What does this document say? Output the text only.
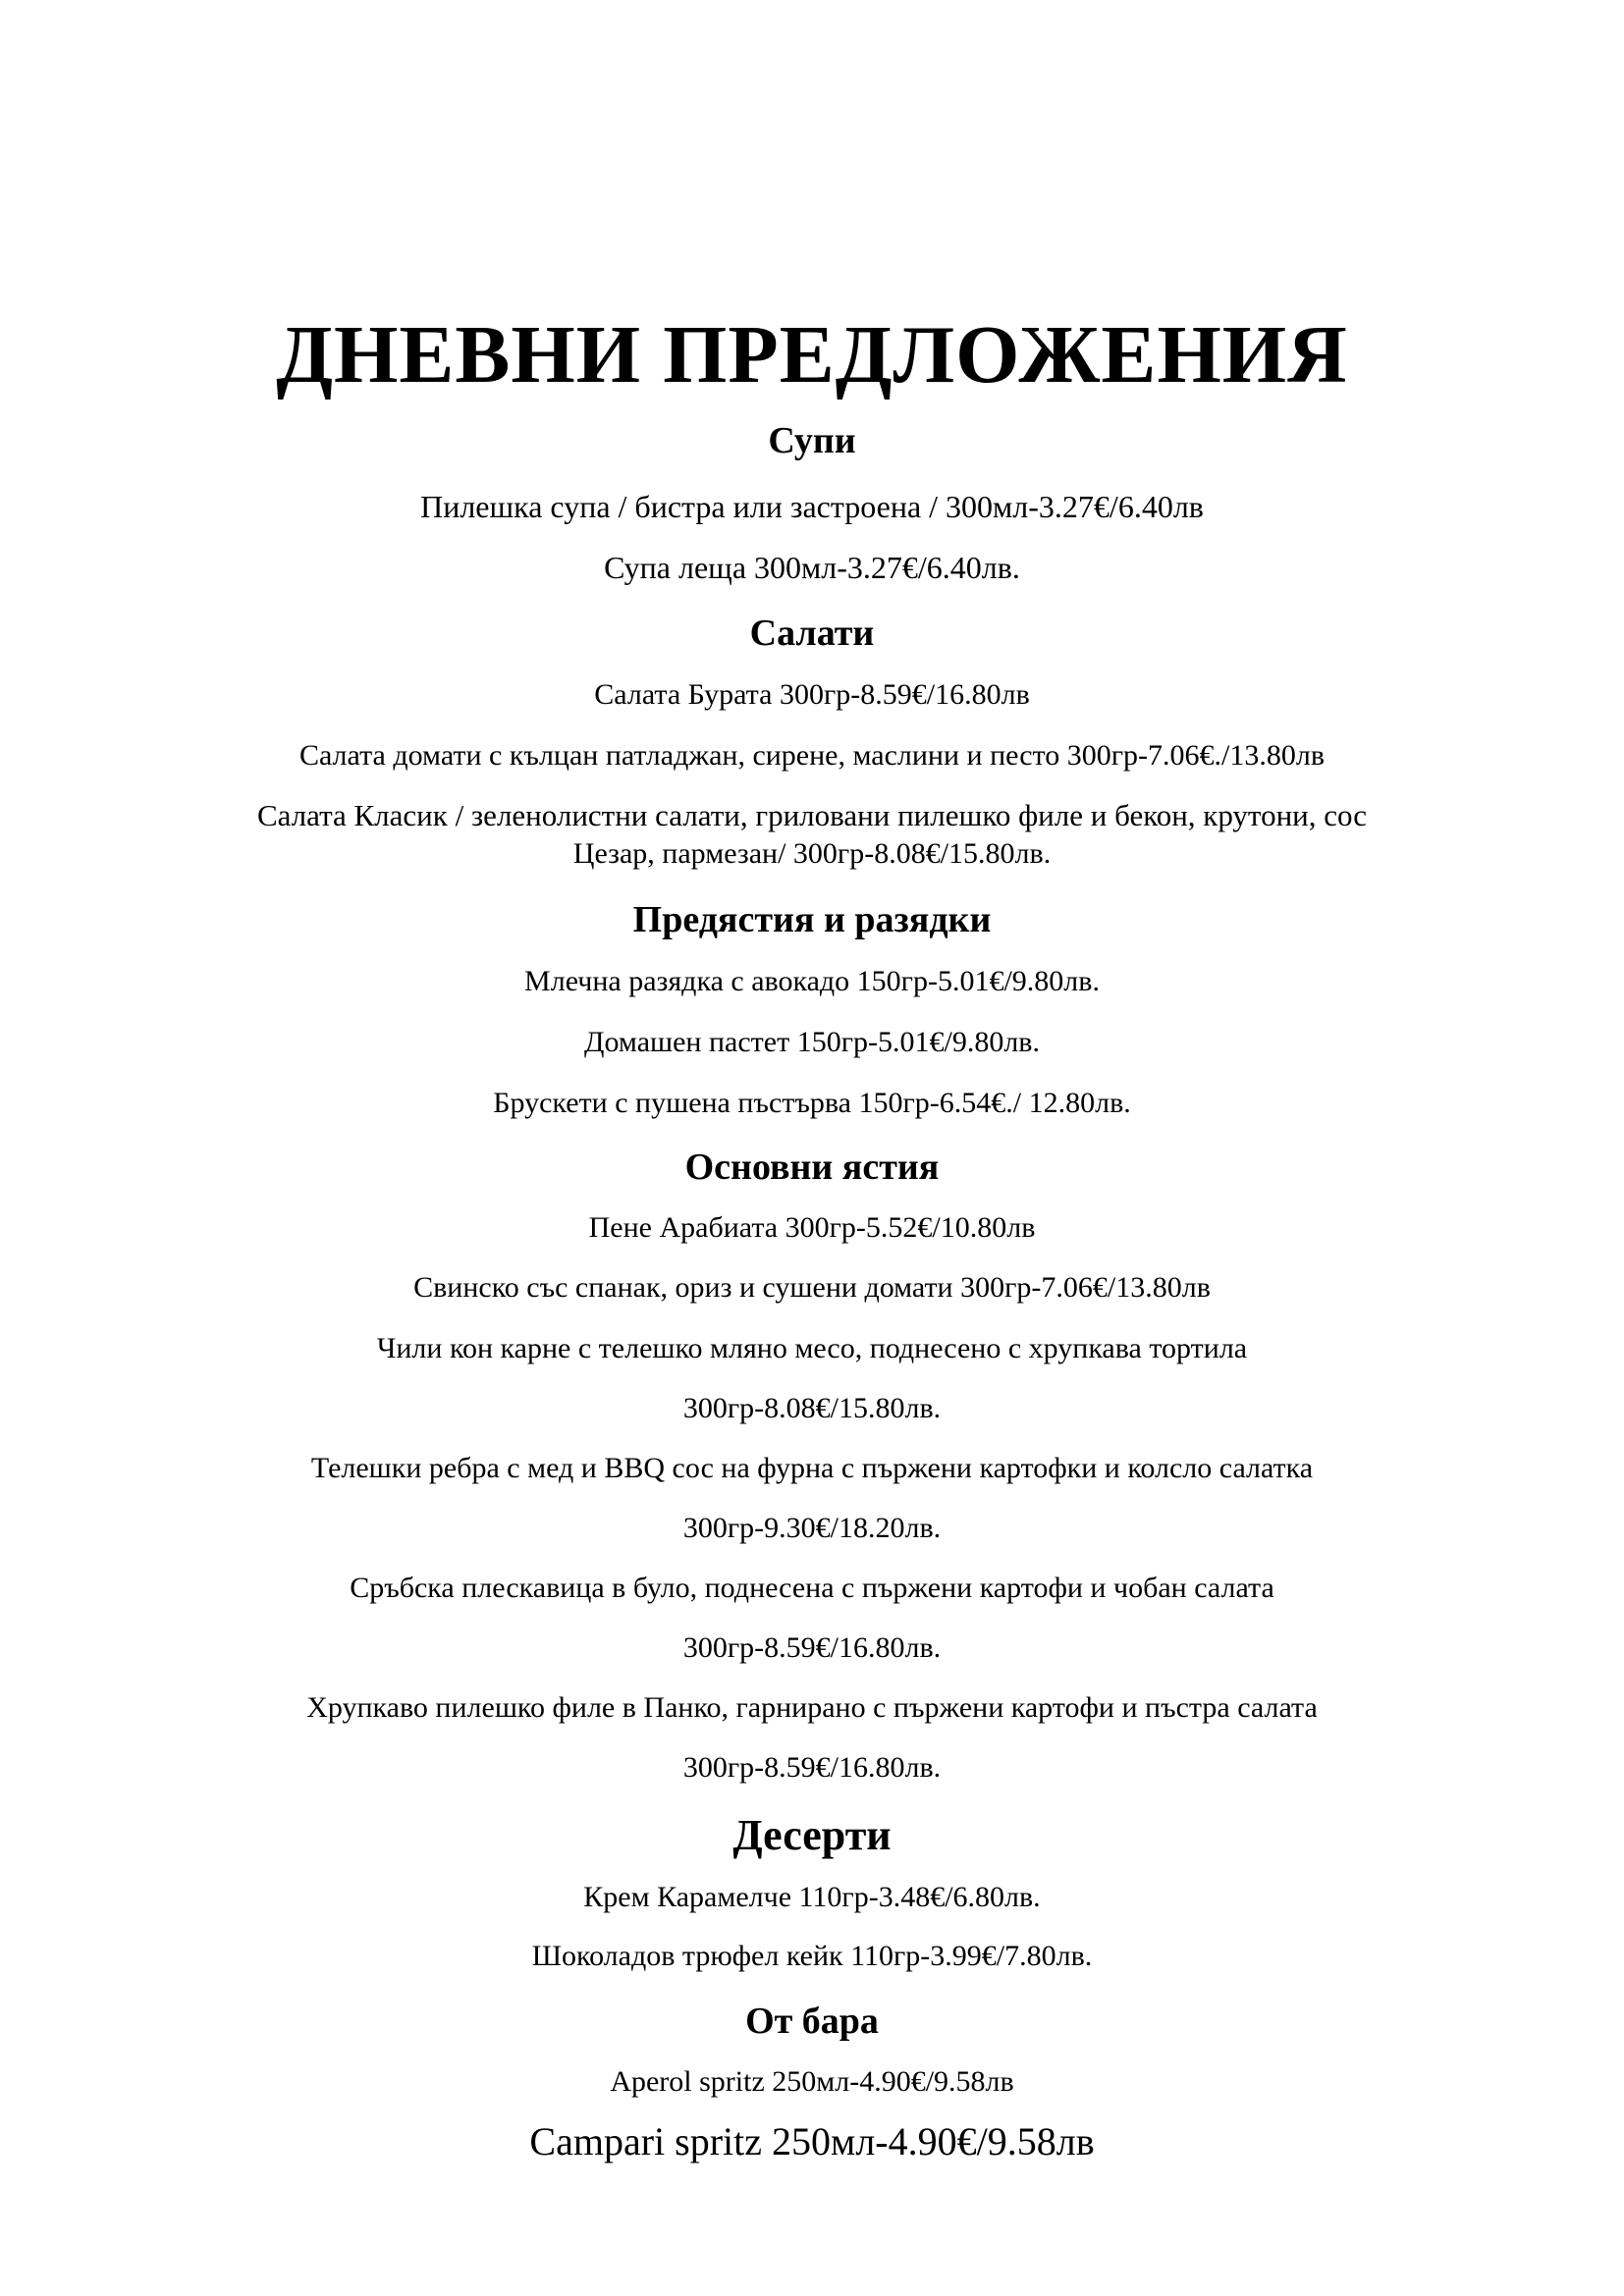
ДНЕВНИ ПРЕДЛОЖЕНИЯ
Супи
Пилешка супа / бистра или застроена / 300мл-3.27€/6.40лв
Супа леща 300мл-3.27€/6.40лв.
Салати
Салата Бурата 300гр-8.59€/16.80лв
Салата домати с кълцан патладжан, сирене, маслини и песто 300гр-7.06€./13.80лв
Салата Класик / зеленолистни салати, гриловани пилешко филе и бекон, крутони, сос
Цезар, пармезан/ 300гр-8.08€/15.80лв.
Предястия и разядки
Млечна разядка с авокадо 150гр-5.01€/9.80лв.
Домашен пастет 150гр-5.01€/9.80лв.
Брускети с пушена пъстърва 150гр-6.54€./ 12.80лв.
Основни ястия
Пене Арабиата 300гр-5.52€/10.80лв
Свинско със спанак, ориз и сушени домати 300гр-7.06€/13.80лв
Чили кон карне с телешко мляно месо, поднесено с хрупкава тортила
300гр-8.08€/15.80лв.
Телешки ребра с мед и BBQ сос на фурна с пържени картофки и колсло салатка
300гр-9.30€/18.20лв.
Сръбска плескавица в було, поднесена с пържени картофи и чобан салата
300гр-8.59€/16.80лв.
Хрупкаво пилешко филе в Панко, гарнирано с пържени картофи и пъстра салата
300гр-8.59€/16.80лв.
Десерти
Крем Карамелче 110гр-3.48€/6.80лв.
Шоколадов трюфел кейк 110гр-3.99€/7.80лв.
От бара
Aperol spritz 250мл-4.90€/9.58лв
Campari spritz 250мл-4.90€/9.58лв
